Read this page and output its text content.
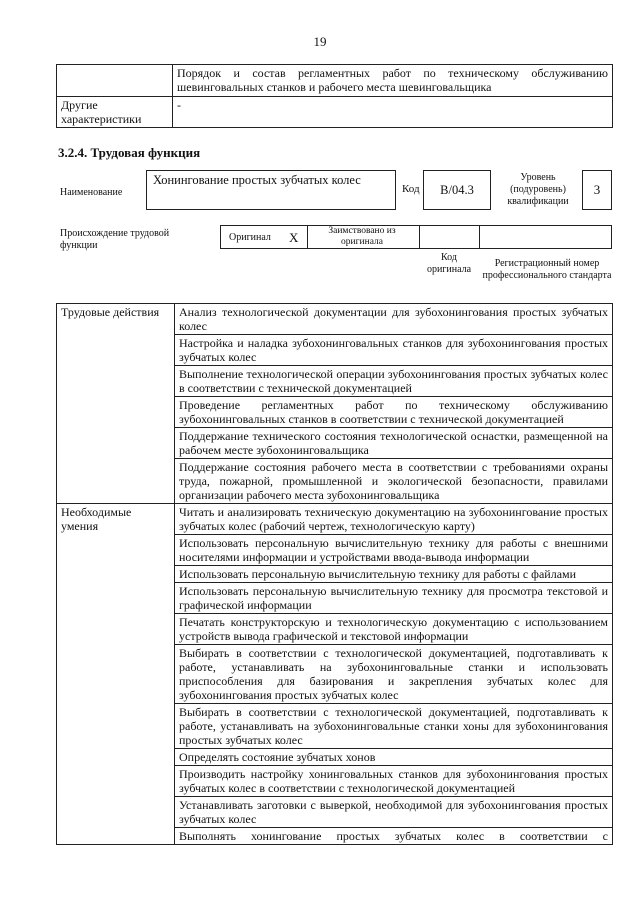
19
	Порядок и состав регламентных работ по техническому обслуживанию шевинговальных станков и рабочего места шевинговальщика
Другие характеристики	-
3.2.4. Трудовая функция
Наименование
Хонингование простых зубчатых колес
Код	B/04.3
Уровень (подуровень) квалификации
3
Происхождение трудовой функции
Оригинал X	Заимствовано из оригинала
Код оригинала
Регистрационный номер профессионального стандарта
Трудовые действия	Анализ технологической документации для зубохонингования простых зубчатых колес
	Настройка и наладка зубохонинговальных станков для зубохонингования простых зубчатых колес
	Выполнение технологической операции зубохонингования простых зубчатых колес в соответствии с технической документацией
	Проведение регламентных работ по техническому обслуживанию зубохонинговальных станков в соответствии с технической документацией
	Поддержание технического состояния технологической оснастки, размещенной на рабочем месте зубохонинговальщика
	Поддержание состояния рабочего места в соответствии с требованиями охраны труда, пожарной, промышленной и экологической безопасности, правилами организации рабочего места зубохонинговальщика
Необходимые умения	Читать и анализировать техническую документацию на зубохонингование простых зубчатых колес (рабочий чертеж, технологическую карту)
	Использовать персональную вычислительную технику для работы с внешними носителями информации и устройствами ввода-вывода информации
	Использовать персональную вычислительную технику для работы с файлами
	Использовать персональную вычислительную технику для просмотра текстовой и графической информации
	Печатать конструкторскую и технологическую документацию с использованием устройств вывода графической и текстовой информации
	Выбирать в соответствии с технологической документацией, подготавливать к работе, устанавливать на зубохонинговальные станки и использовать приспособления для базирования и закрепления зубчатых колес для зубохонингования простых зубчатых колес
	Выбирать в соответствии с технологической документацией, подготавливать к работе, устанавливать на зубохонинговальные станки хоны для зубохонингования простых зубчатых колес
	Определять состояние зубчатых хонов
	Производить настройку хонинговальных станков для зубохонингования простых зубчатых колес в соответствии с технологической документацией
	Устанавливать заготовки с выверкой, необходимой для зубохонингования простых зубчатых колес
	Выполнять хонингование простых зубчатых колес в соответствии с
